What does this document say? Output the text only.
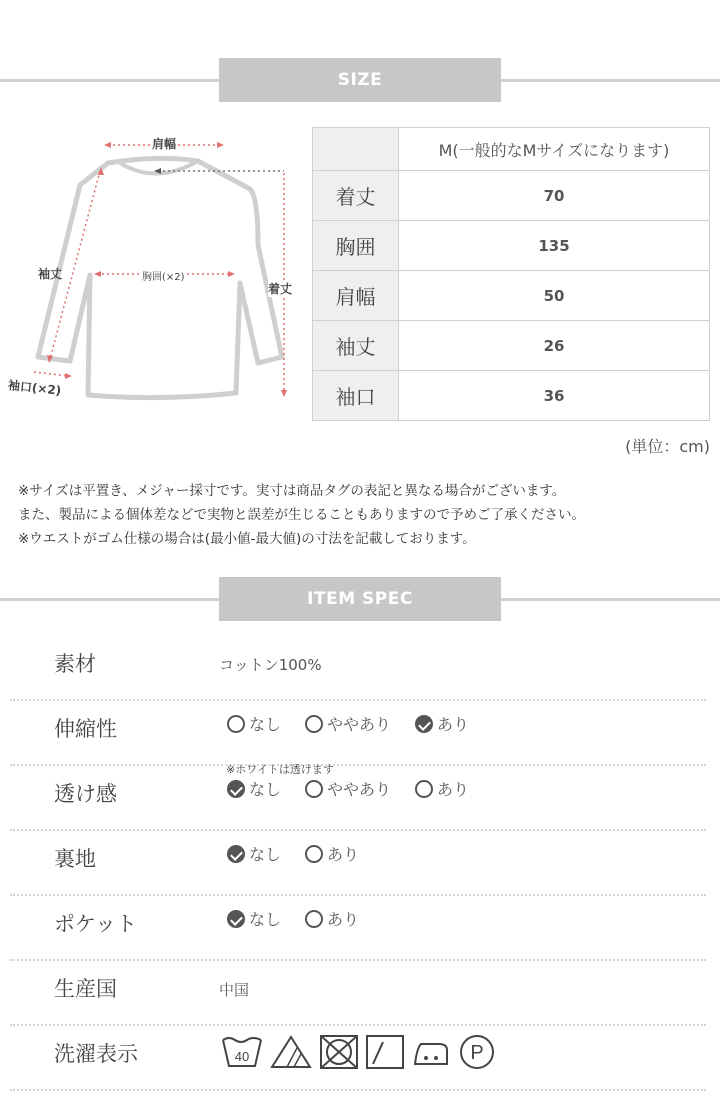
SIZE
肩幅
袖丈	胸囲(×2)
着丈
袖口(×2)
	M(一般的なMサイズになります)
着丈	70
胸囲	135
肩幅	50
袖丈	26
袖口	36
(単位：cm)
※サイズは平置き、メジャー採寸です。実寸は商品タグの表記と異なる場合がございます。
また、製品による個体差などで実物と誤差が生じることもありますので予めご了承ください。
※ウエストがゴム仕様の場合は(最小値-最大値)の寸法を記載しております。
ITEM SPEC
素材	コットン100%
伸縮性	なし	ややあり	あり
※ホワイトは透けます
透け感	なし	ややあり	あり
裏地	なし	あり
ポケット	なし	あり
生産国	中国
洗濯表示	40	P
